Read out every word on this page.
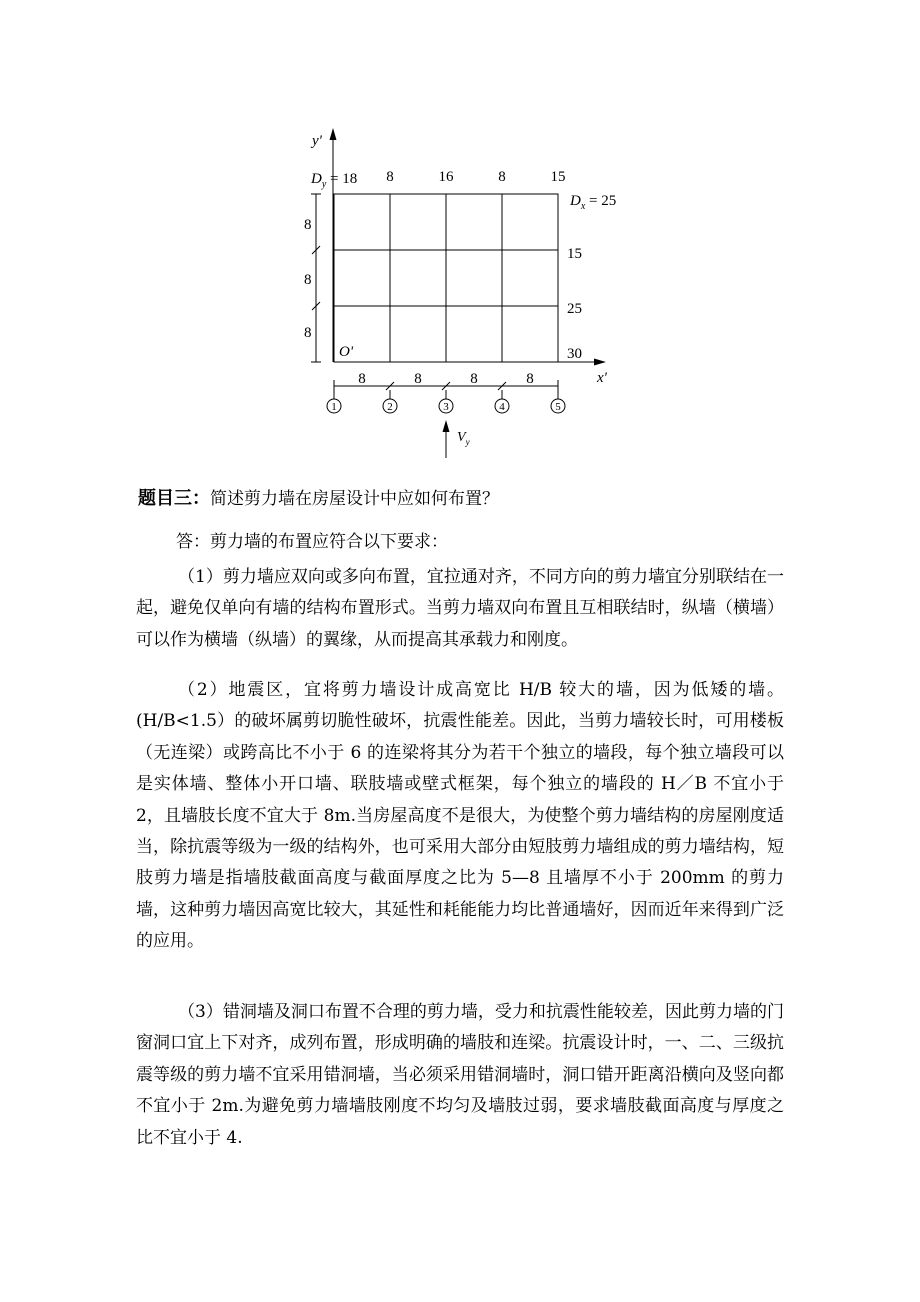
y'
x'
O'
$D_y = 18$ 8	16	8	15
$D_x = 25$
15
25
30
8
8
8
8	8	8	8
1	2	3	4	5
$V_y$
题目三：简述剪力墙在房屋设计中应如何布置？
答：剪力墙的布置应符合以下要求：

（1）剪力墙应双向或多向布置，宜拉通对齐，不同方向的剪力墙宜分别联结在一起，避免仅单向有墙的结构布置形式。当剪力墙双向布置且互相联结时，纵墙（横墙）可以作为横墙（纵墙）的翼缘，从而提高其承载力和刚度。

（2）地震区，宜将剪力墙设计成高宽比 H/B 较大的墙，因为低矮的墙。(H/B<1.5）的破坏属剪切脆性破坏，抗震性能差。因此，当剪力墙较长时，可用楼板（无连梁）或跨高比不小于 6 的连梁将其分为若干个独立的墙段，每个独立墙段可以是实体墙、整体小开口墙、联肢墙或壁式框架，每个独立的墙段的 H／B 不宜小于 2，且墙肢长度不宜大于 8m.当房屋高度不是很大，为使整个剪力墙结构的房屋刚度适当，除抗震等级为一级的结构外，也可采用大部分由短肢剪力墙组成的剪力墙结构，短肢剪力墙是指墙肢截面高度与截面厚度之比为 5—8 且墙厚不小于 200mm 的剪力墙，这种剪力墙因高宽比较大，其延性和耗能能力均比普通墙好，因而近年来得到广泛的应用。

（3）错洞墙及洞口布置不合理的剪力墙，受力和抗震性能较差，因此剪力墙的门窗洞口宜上下对齐，成列布置，形成明确的墙肢和连梁。抗震设计时，一、二、三级抗震等级的剪力墙不宜采用错洞墙，当必须采用错洞墙时，洞口错开距离沿横向及竖向都不宜小于 2m.为避免剪力墙墙肢刚度不均匀及墙肢过弱，要求墙肢截面高度与厚度之比不宜小于 4.
